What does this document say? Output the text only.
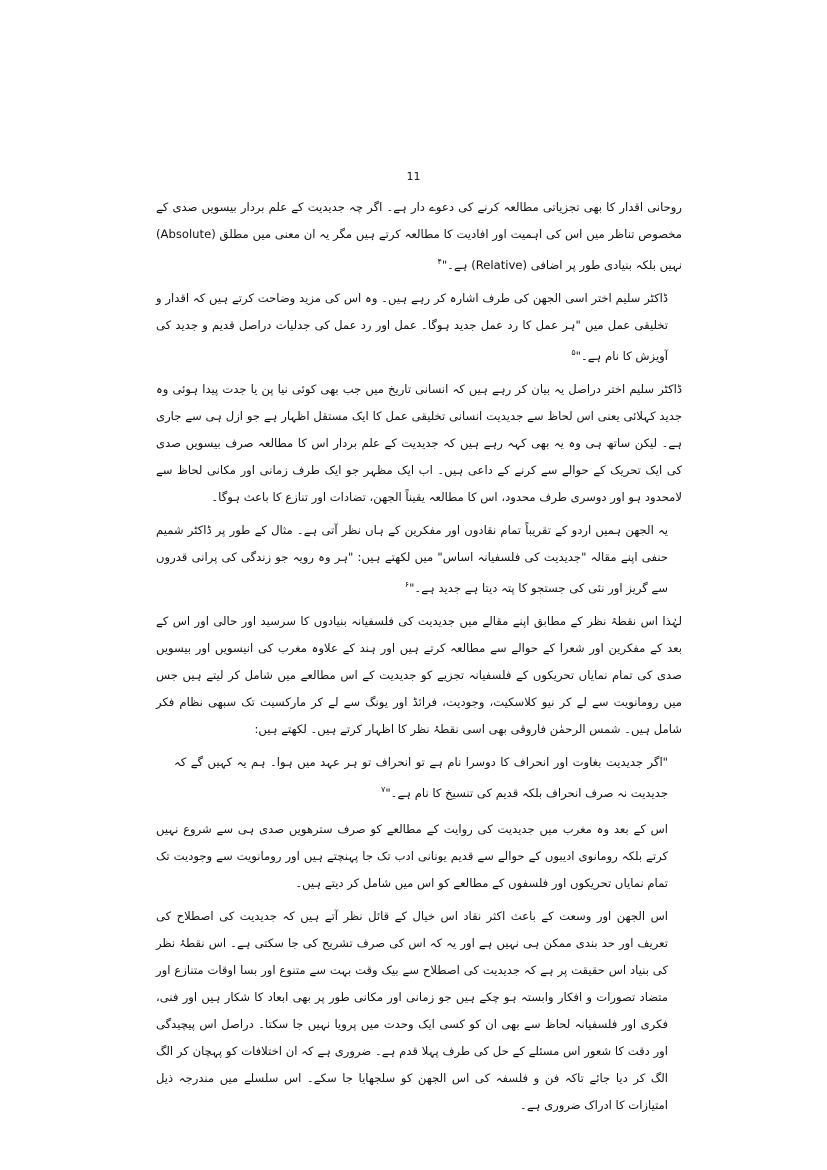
11

روحانی اقدار کا بھی تجزیاتی مطالعہ کرنے کی دعوے دار ہے۔ اگر چہ جدیدیت کے علم بردار بیسویں صدی کے مخصوص تناظر میں اس کی اہمیت اور افادیت کا مطالعہ کرتے ہیں مگر یہ ان معنی میں مطلق (Absolute) نہیں بلکہ بنیادی طور پر اضافی (Relative) ہے۔"$^۴$

ڈاکٹر سلیم اختر اسی الجھن کی طرف اشارہ کر رہے ہیں۔ وہ اس کی مزید وضاحت کرتے ہیں کہ اقدار و تخلیقی عمل میں "ہر عمل کا رد عمل جدید ہوگا۔ عمل اور رد عمل کی جدلیات دراصل قدیم و جدید کی آویزش کا نام ہے۔"$^۵$

ڈاکٹر سلیم اختر دراصل یہ بیان کر رہے ہیں کہ انسانی تاریخ میں جب بھی کوئی نیا پن یا جدت پیدا ہوئی وہ جدید کہلائی یعنی اس لحاظ سے جدیدیت انسانی تخلیقی عمل کا ایک مستقل اظہار ہے جو ازل ہی سے جاری ہے۔ لیکن ساتھ ہی وہ یہ بھی کہہ رہے ہیں کہ جدیدیت کے علم بردار اس کا مطالعہ صرف بیسویں صدی کی ایک تحریک کے حوالے سے کرنے کے داعی ہیں۔ اب ایک مظہر جو ایک طرف زمانی اور مکانی لحاظ سے لامحدود ہو اور دوسری طرف محدود، اس کا مطالعہ یقیناً الجھن، تضادات اور تنازع کا باعث ہوگا۔

یہ الجھن ہمیں اردو کے تقریباً تمام نقادوں اور مفکرین کے ہاں نظر آتی ہے۔ مثال کے طور پر ڈاکٹر شمیم حنفی اپنے مقالہ "جدیدیت کی فلسفیانہ اساس" میں لکھتے ہیں: "ہر وہ رویہ جو زندگی کی پرانی قدروں سے گریز اور نئی کی جستجو کا پتہ دیتا ہے جدید ہے۔"$^۶$

لہٰذا اس نقطۂ نظر کے مطابق اپنے مقالے میں جدیدیت کی فلسفیانہ بنیادوں کا سرسید اور حالی اور اس کے بعد کے مفکرین اور شعرا کے حوالے سے مطالعہ کرتے ہیں اور ہند کے علاوہ مغرب کی انیسویں اور بیسویں صدی کی تمام نمایاں تحریکوں کے فلسفیانہ تجزیے کو جدیدیت کے اس مطالعے میں شامل کر لیتے ہیں جس میں رومانویت سے لے کر نیو کلاسکیت، وجودیت، فرائڈ اور یونگ سے لے کر مارکسیت تک سبھی نظام فکر شامل ہیں۔ شمس الرحمٰن فاروقی بھی اسی نقطۂ نظر کا اظہار کرتے ہیں۔ لکھتے ہیں:

"اگر جدیدیت بغاوت اور انحراف کا دوسرا نام ہے تو انحراف تو ہر عہد میں ہوا۔ ہم یہ کہیں گے کہ جدیدیت نہ صرف انحراف بلکہ قدیم کی تنسیخ کا نام ہے۔"$^۷$

اس کے بعد وہ مغرب میں جدیدیت کی روایت کے مطالعے کو صرف سترھویں صدی ہی سے شروع نہیں کرتے بلکہ رومانوی ادیبوں کے حوالے سے قدیم یونانی ادب تک جا پہنچتے ہیں اور رومانویت سے وجودیت تک تمام نمایاں تحریکوں اور فلسفوں کے مطالعے کو اس میں شامل کر دیتے ہیں۔

اس الجھن اور وسعت کے باعث اکثر نقاد اس خیال کے قائل نظر آتے ہیں کہ جدیدیت کی اصطلاح کی تعریف اور حد بندی ممکن ہی نہیں ہے اور یہ کہ اس کی صرف تشریح کی جا سکتی ہے۔ اس نقطۂ نظر کی بنیاد اس حقیقت پر ہے کہ جدیدیت کی اصطلاح سے بیک وقت بہت سے متنوع اور بسا اوقات متنازع اور متضاد تصورات و افکار وابستہ ہو چکے ہیں جو زمانی اور مکانی طور پر بھی ابعاد کا شکار ہیں اور فنی، فکری اور فلسفیانہ لحاظ سے بھی ان کو کسی ایک وحدت میں پرویا نہیں جا سکتا۔ دراصل اس پیچیدگی اور دقت کا شعور اس مسئلے کے حل کی طرف پہلا قدم ہے۔ ضروری ہے کہ ان اختلافات کو پہچان کر الگ الگ کر دیا جائے تاکہ فن و فلسفہ کی اس الجھن کو سلجھایا جا سکے۔ اس سلسلے میں مندرجہ ذیل امتیازات کا ادراک ضروری ہے۔
